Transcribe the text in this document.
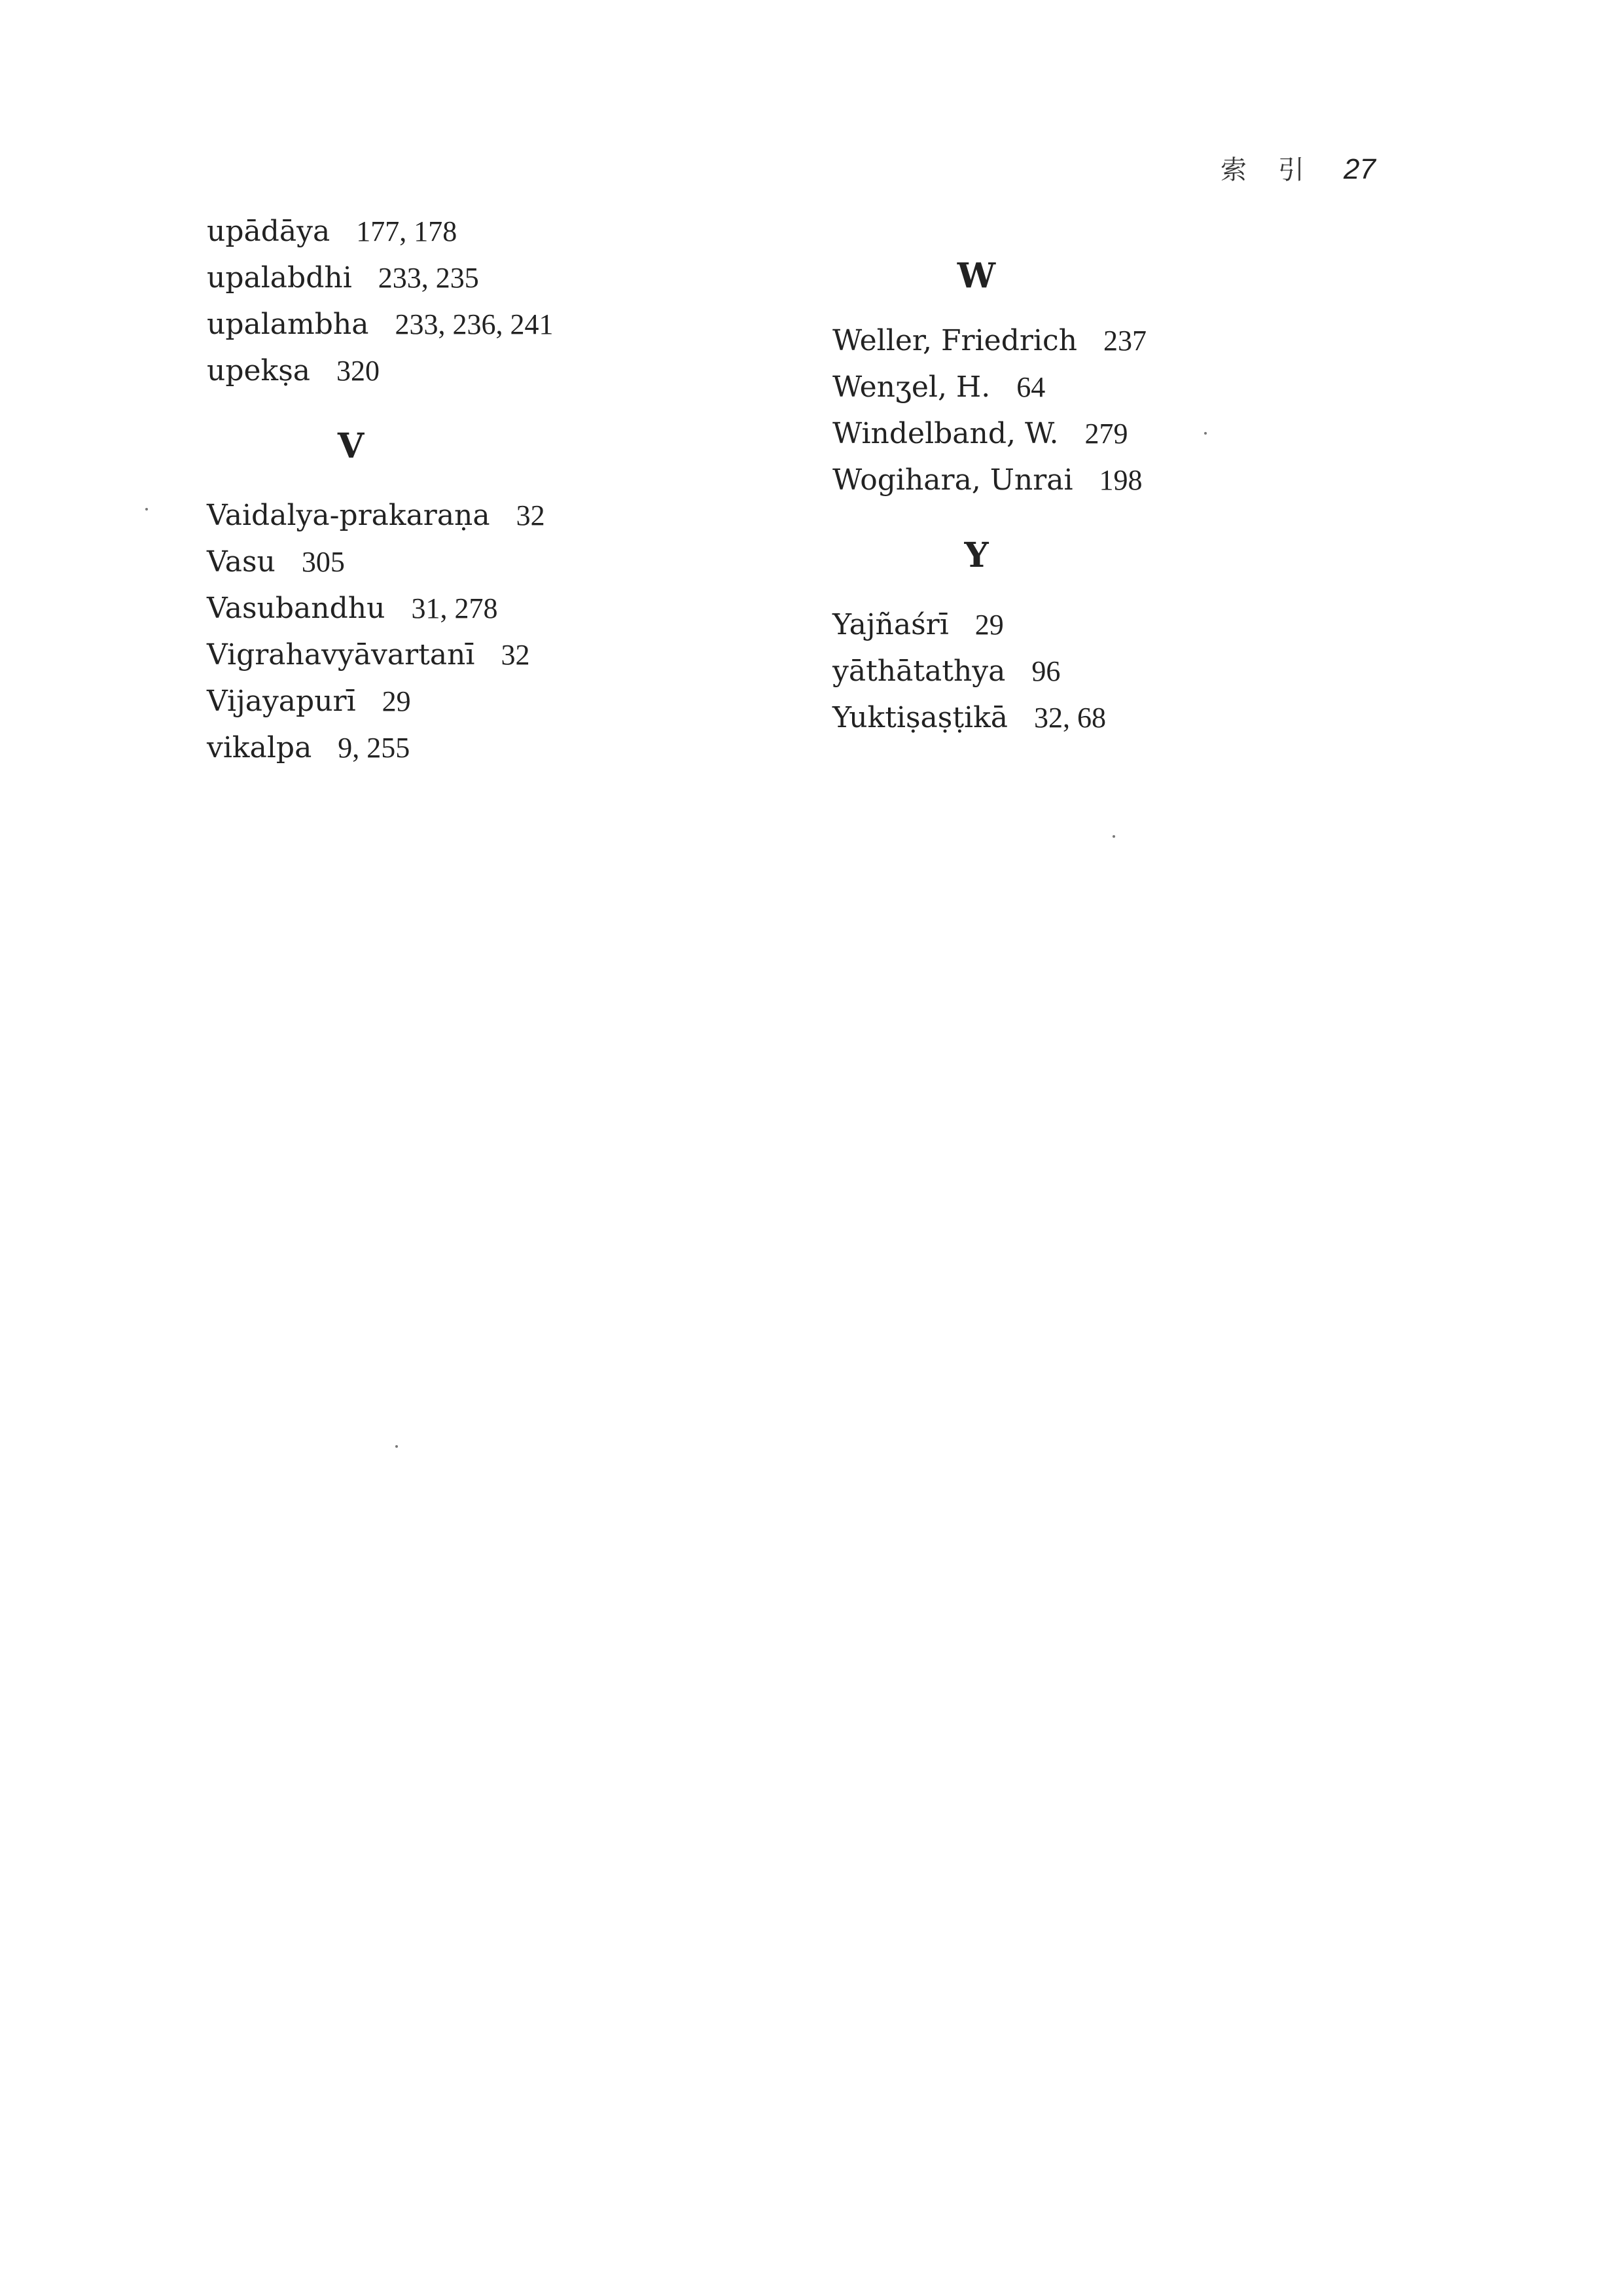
索 引 27
upādāya 177, 178
upalabdhi 233, 235
upalambha 233, 236, 241
upekṣa 320
V
Vaidalya-prakaraṇa 32
Vasu 305
Vasubandhu 31, 278
Vigrahavyāvartanī 32
Vijayapurī 29
vikalpa 9, 255
W
Weller, Friedrich 237
Wenʒel, H. 64
Windelband, W. 279
Wogihara, Unrai 198
Y
Yajñaśrī 29
yāthātathya 96
Yuktiṣaṣṭikā 32, 68
